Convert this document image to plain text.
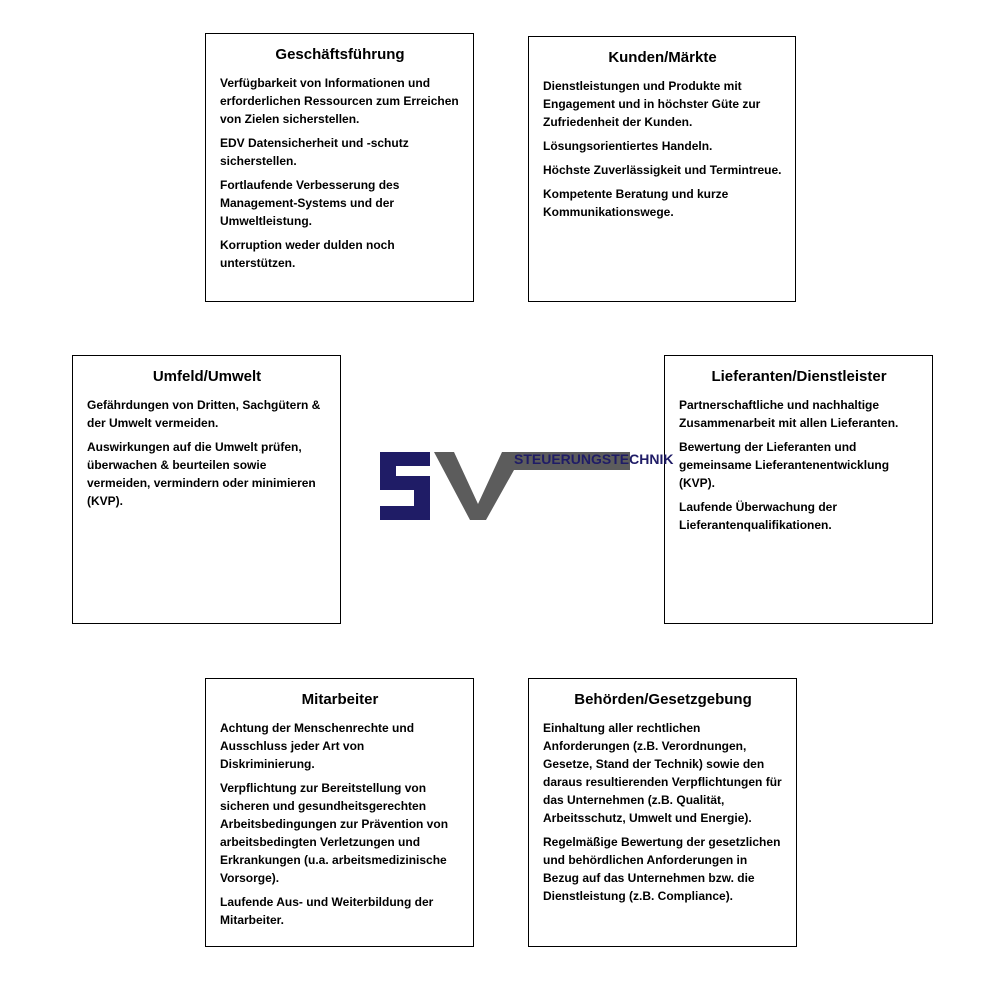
Geschäftsführung

Verfügbarkeit von Informationen und erforderlichen Ressourcen zum Erreichen von Zielen sicherstellen.

EDV Datensicherheit und -schutz sicherstellen.

Fortlaufende Verbesserung des Management-Systems und der Umweltleistung.

Korruption weder dulden noch unterstützen.

Kunden/Märkte

Dienstleistungen und Produkte mit Engagement und in höchster Güte zur Zufriedenheit der Kunden.

Lösungsorientiertes Handeln.

Höchste Zuverlässigkeit und Termintreue.

Kompetente Beratung und kurze Kommunikationswege.

Umfeld/Umwelt

Gefährdungen von Dritten, Sachgütern & der Umwelt vermeiden.

Auswirkungen auf die Umwelt prüfen, überwachen & beurteilen sowie vermeiden, vermindern oder minimieren (KVP).

Lieferanten/Dienstleister

Partnerschaftliche und nachhaltige Zusammenarbeit mit allen Lieferanten.

Bewertung der Lieferanten und gemeinsame Lieferantenentwicklung (KVP).

Laufende Überwachung der Lieferantenqualifikationen.

STEUERUNGSTECHNIK
GmbH & Co. KG
Mitarbeiter

Achtung der Menschenrechte und Ausschluss jeder Art von Diskriminierung.

Verpflichtung zur Bereitstellung von sicheren und gesundheitsgerechten Arbeitsbedingungen zur Prävention von arbeitsbedingten Verletzungen und Erkrankungen (u.a. arbeitsmedizinische Vorsorge).

Laufende Aus- und Weiterbildung der Mitarbeiter.

Behörden/Gesetzgebung

Einhaltung aller rechtlichen Anforderungen (z.B. Verordnungen, Gesetze, Stand der Technik) sowie den daraus resultierenden Verpflichtungen für das Unternehmen (z.B. Qualität, Arbeitsschutz, Umwelt und Energie).

Regelmäßige Bewertung der gesetzlichen und behördlichen Anforderungen in Bezug auf das Unternehmen bzw. die Dienstleistung (z.B. Compliance).
